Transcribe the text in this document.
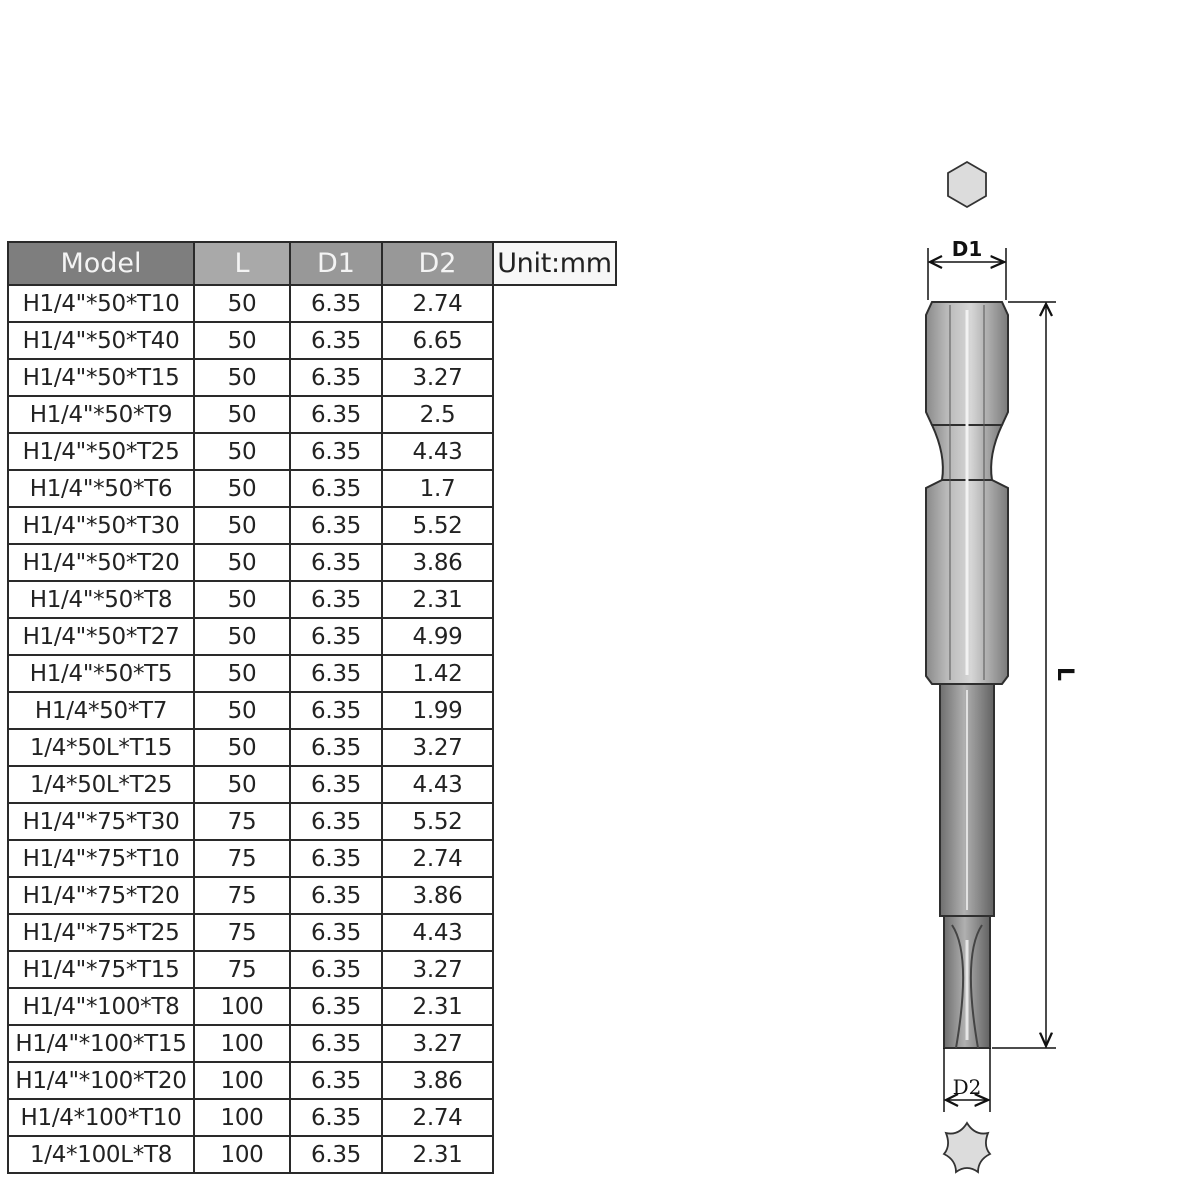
Model	L	D1	D2	Unit:mm
H1/4"*50*T10	50	6.35	2.74	
H1/4"*50*T40	50	6.35	6.65	
H1/4"*50*T15	50	6.35	3.27	
H1/4"*50*T9	50	6.35	2.5	
H1/4"*50*T25	50	6.35	4.43	
H1/4"*50*T6	50	6.35	1.7	
H1/4"*50*T30	50	6.35	5.52	
H1/4"*50*T20	50	6.35	3.86	
H1/4"*50*T8	50	6.35	2.31	
H1/4"*50*T27	50	6.35	4.99	
H1/4"*50*T5	50	6.35	1.42	
H1/4*50*T7	50	6.35	1.99	
1/4*50L*T15	50	6.35	3.27	
1/4*50L*T25	50	6.35	4.43	
H1/4"*75*T30	75	6.35	5.52	
H1/4"*75*T10	75	6.35	2.74	
H1/4"*75*T20	75	6.35	3.86	
H1/4"*75*T25	75	6.35	4.43	
H1/4"*75*T15	75	6.35	3.27	
H1/4"*100*T8	100	6.35	2.31	
H1/4"*100*T15	100	6.35	3.27	
H1/4"*100*T20	100	6.35	3.86	
H1/4*100*T10	100	6.35	2.74	
1/4*100L*T8	100	6.35	2.31	
D1
L
D2
